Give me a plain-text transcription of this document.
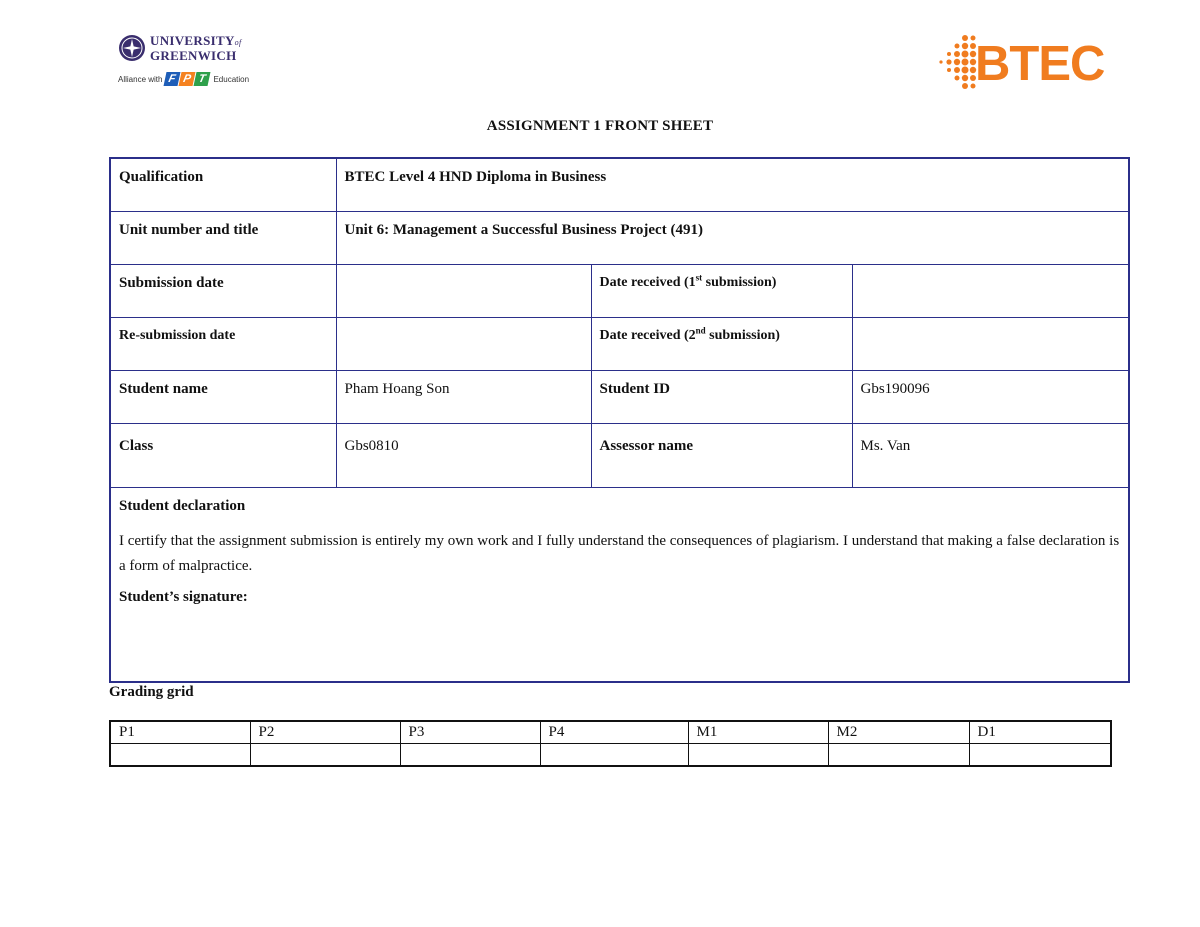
UNIVERSITYof
GREENWICH
Alliance with F P T Education	BTEC
ASSIGNMENT 1 FRONT SHEET
Qualification	BTEC Level 4 HND Diploma in Business		
Unit number and title	Unit 6: Management a Successful Business Project (491)		
Submission date		Date received (1st submission)	
Re-submission date		Date received (2nd submission)	
Student name	Pham Hoang Son	Student ID	Gbs190096
Class	Gbs0810	Assessor name	Ms. Van

Student declaration

I certify that the assignment submission is entirely my own work and I fully understand the consequences of plagiarism. I understand that making a false declaration is a form of malpractice.

Student’s signature:			

Grading grid
P1	P2	P3	P4	M1	M2	D1
